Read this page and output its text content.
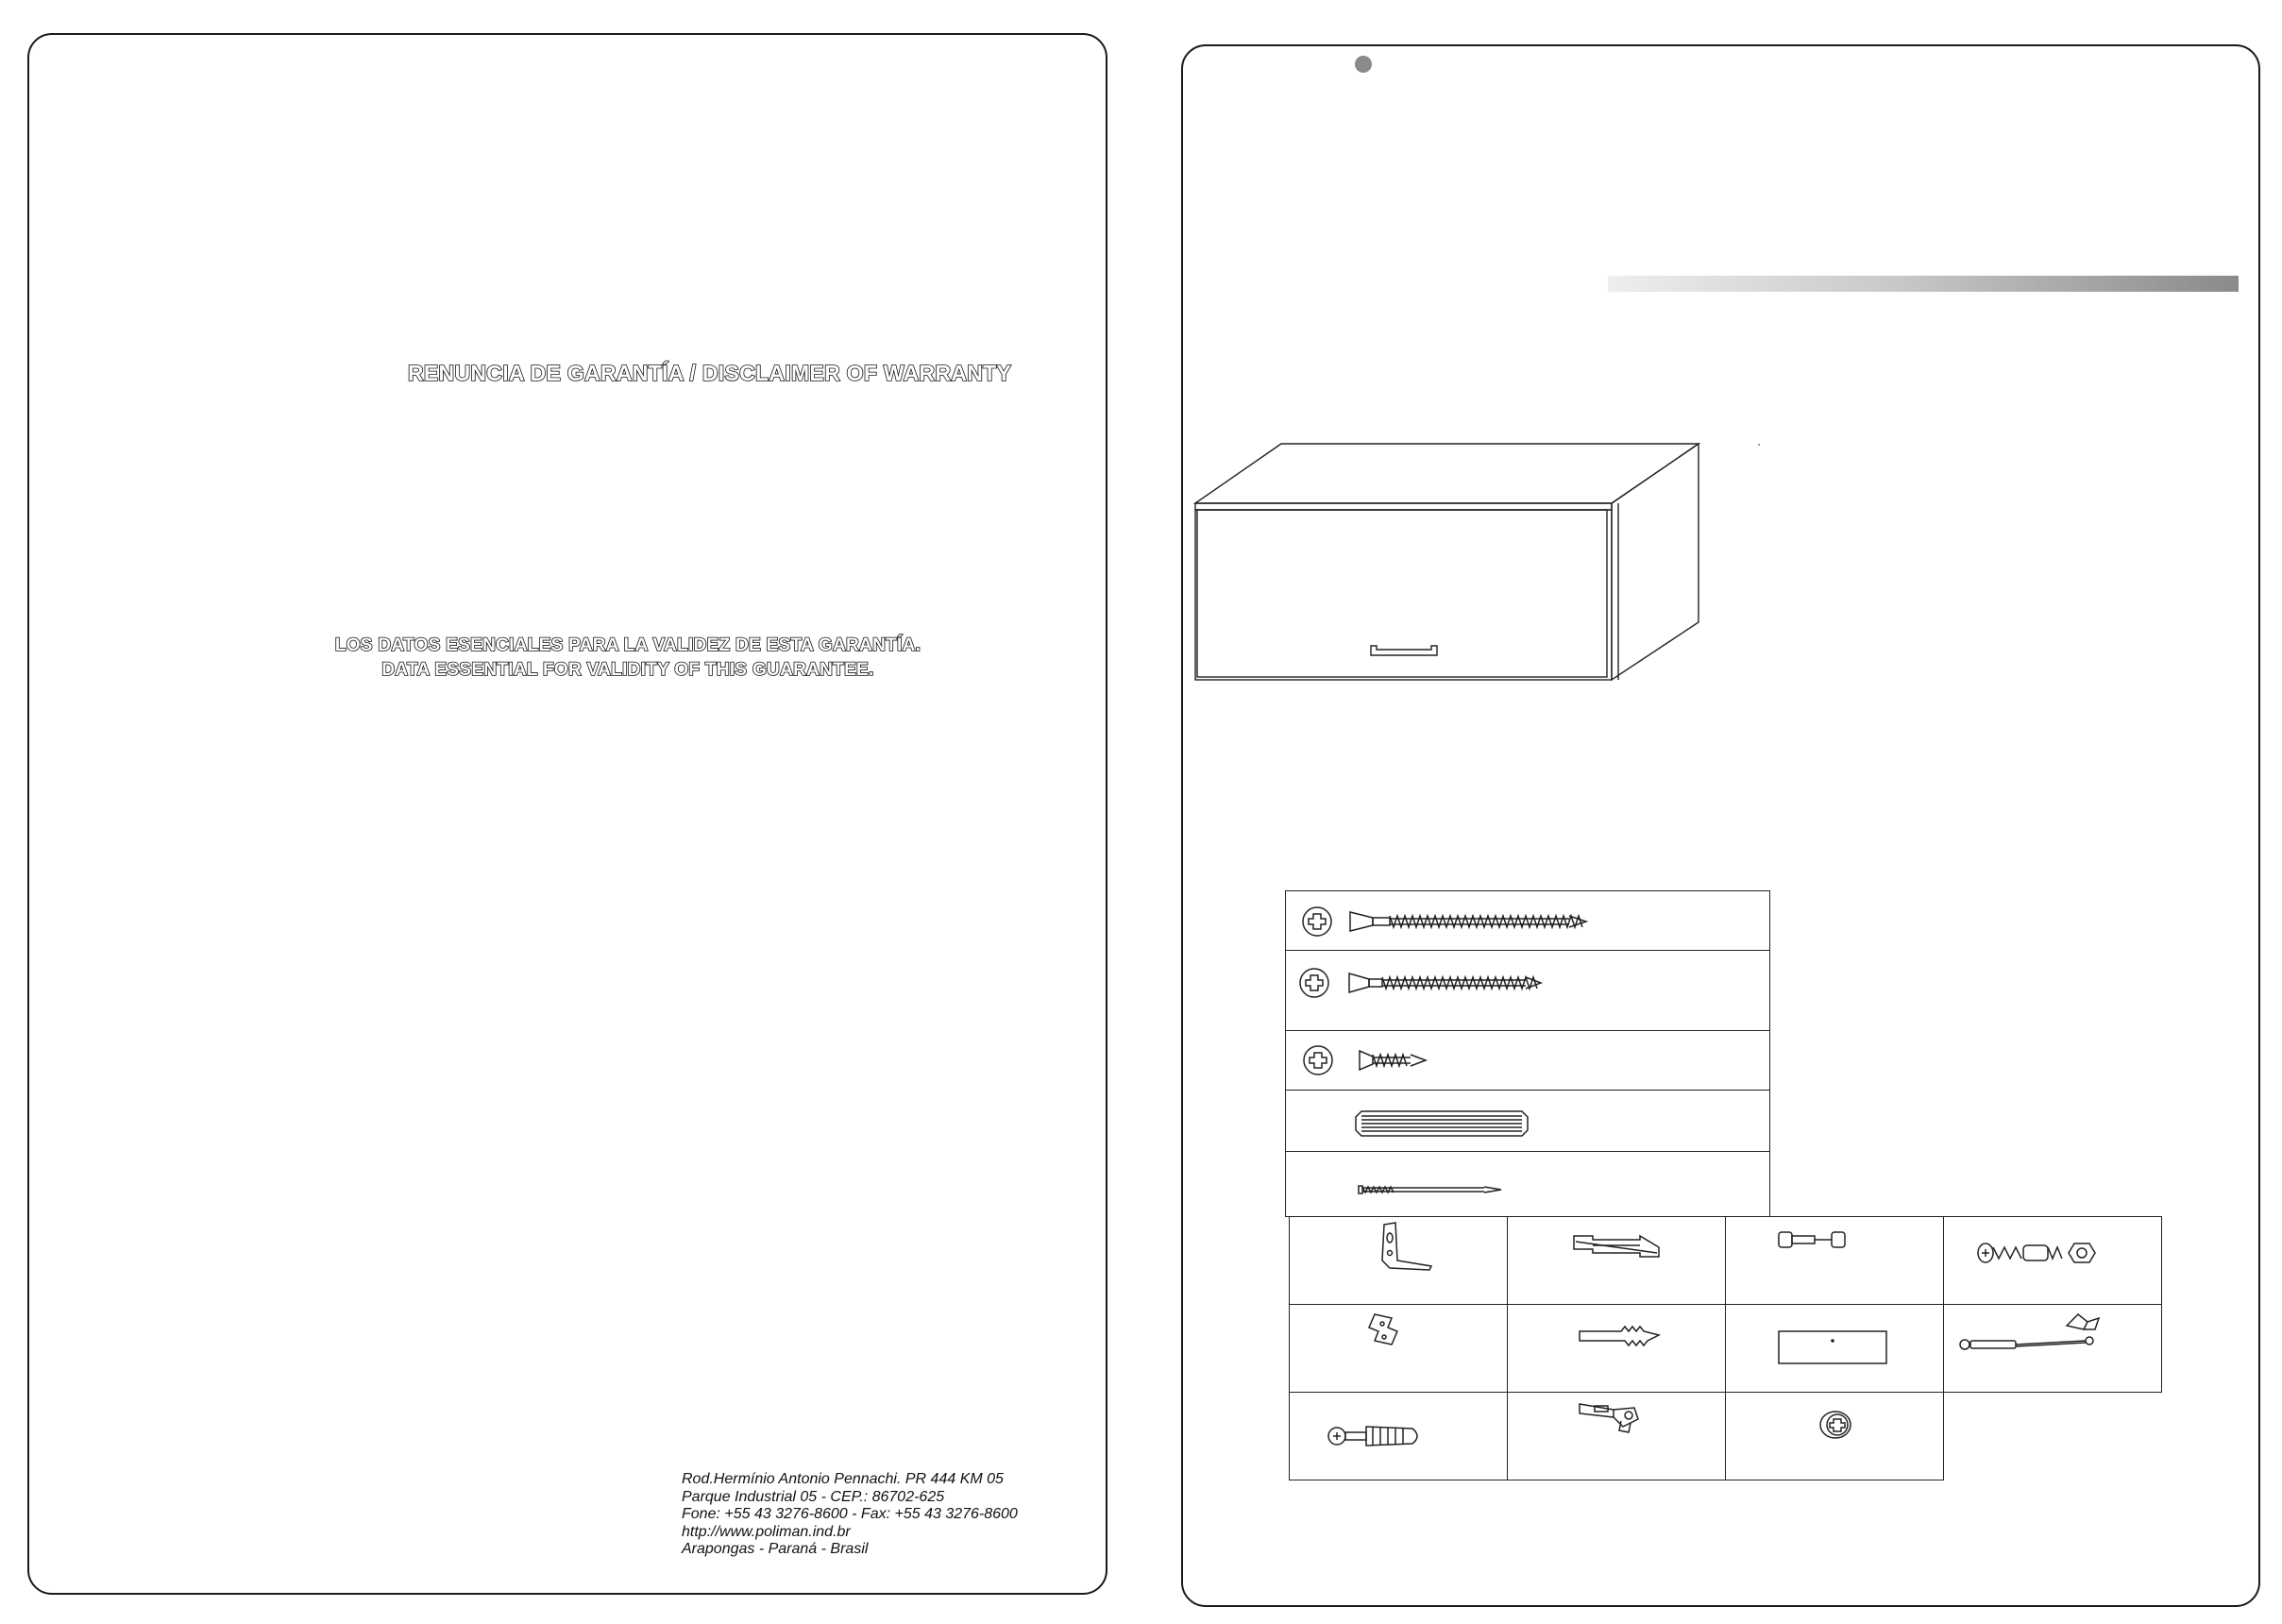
RENUNCIA DE GARANTÍA / DISCLAIMER OF WARRANTY
LOS DATOS ESENCIALES PARA LA VALIDEZ DE ESTA GARANTÍA.
DATA ESSENTIAL FOR VALIDITY OF THIS GUARANTEE.
Rod.Hermínio Antonio Pennachi. PR 444 KM 05
Parque Industrial 05 - CEP.: 86702-625
Fone: +55 43 3276-8600 - Fax: +55 43 3276-8600
http://www.poliman.ind.br
Arapongas - Paraná - Brasil
